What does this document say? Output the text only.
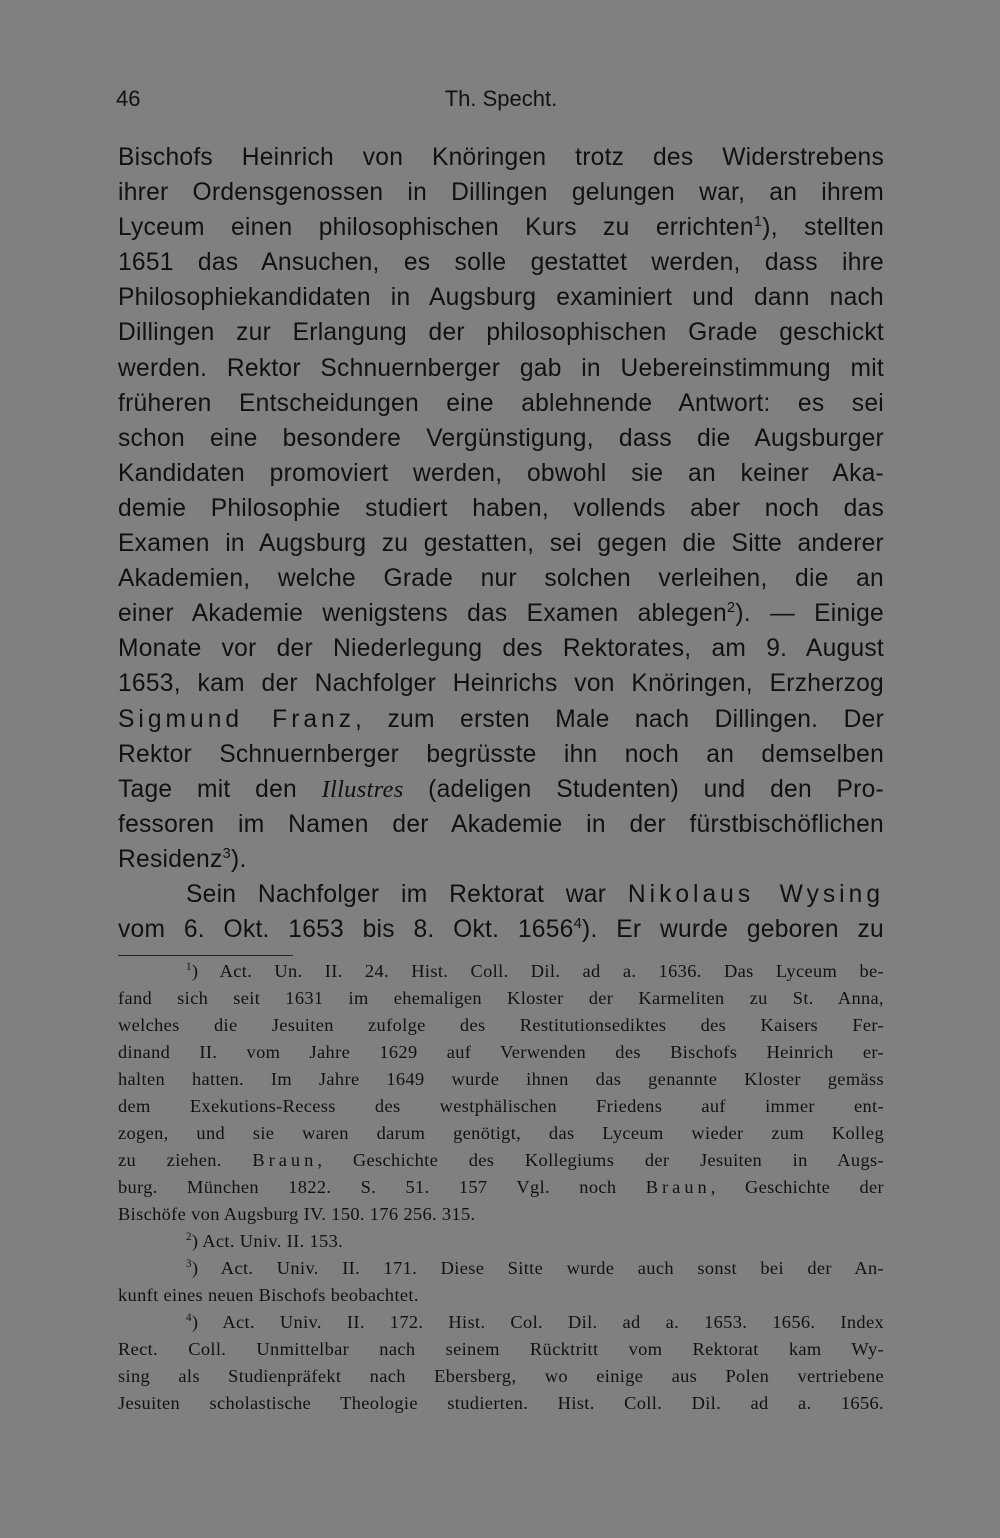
46	Th. Specht.
Bischofs Heinrich von Knöringen trotz des Widerstrebens
ihrer Ordensgenossen in Dillingen gelungen war, an ihrem
Lyceum einen philosophischen Kurs zu errichten$^1$), stellten
1651 das Ansuchen, es solle gestattet werden, dass ihre
Philosophiekandidaten in Augsburg examiniert und dann nach
Dillingen zur Erlangung der philosophischen Grade geschickt
werden. Rektor Schnuernberger gab in Uebereinstimmung mit
früheren Entscheidungen eine ablehnende Antwort: es sei
schon eine besondere Vergünstigung, dass die Augsburger
Kandidaten promoviert werden, obwohl sie an keiner Aka-
demie Philosophie studiert haben, vollends aber noch das
Examen in Augsburg zu gestatten, sei gegen die Sitte anderer
Akademien, welche Grade nur solchen verleihen, die an
einer Akademie wenigstens das Examen ablegen$^2$). — Einige
Monate vor der Niederlegung des Rektorates, am 9. August
1653, kam der Nachfolger Heinrichs von Knöringen, Erzherzog
Sigmund Franz, zum ersten Male nach Dillingen. Der
Rektor Schnuernberger begrüsste ihn noch an demselben
Tage mit den Illustres (adeligen Studenten) und den Pro-
fessoren im Namen der Akademie in der fürstbischöflichen
Residenz$^3$).
Sein Nachfolger im Rektorat war Nikolaus Wysing
vom 6. Okt. 1653 bis 8. Okt. 1656$^4$). Er wurde geboren zu
$^1$) Act. Un. II. 24. Hist. Coll. Dil. ad a. 1636. Das Lyceum be-
fand sich seit 1631 im ehemaligen Kloster der Karmeliten zu St. Anna,
welches die Jesuiten zufolge des Restitutionsediktes des Kaisers Fer-
dinand II. vom Jahre 1629 auf Verwenden des Bischofs Heinrich er-
halten hatten. Im Jahre 1649 wurde ihnen das genannte Kloster gemäss
dem Exekutions-Recess des westphälischen Friedens auf immer ent-
zogen, und sie waren darum genötigt, das Lyceum wieder zum Kolleg
zu ziehen. Braun, Geschichte des Kollegiums der Jesuiten in Augs-
burg. München 1822. S. 51. 157 Vgl. noch Braun, Geschichte der
Bischöfe von Augsburg IV. 150. 176 256. 315.
$^2$) Act. Univ. II. 153.
$^3$) Act. Univ. II. 171. Diese Sitte wurde auch sonst bei der An-
kunft eines neuen Bischofs beobachtet.
$^4$) Act. Univ. II. 172. Hist. Col. Dil. ad a. 1653. 1656. Index
Rect. Coll. Unmittelbar nach seinem Rücktritt vom Rektorat kam Wy-
sing als Studienpräfekt nach Ebersberg, wo einige aus Polen vertriebene
Jesuiten scholastische Theologie studierten. Hist. Coll. Dil. ad a. 1656.
